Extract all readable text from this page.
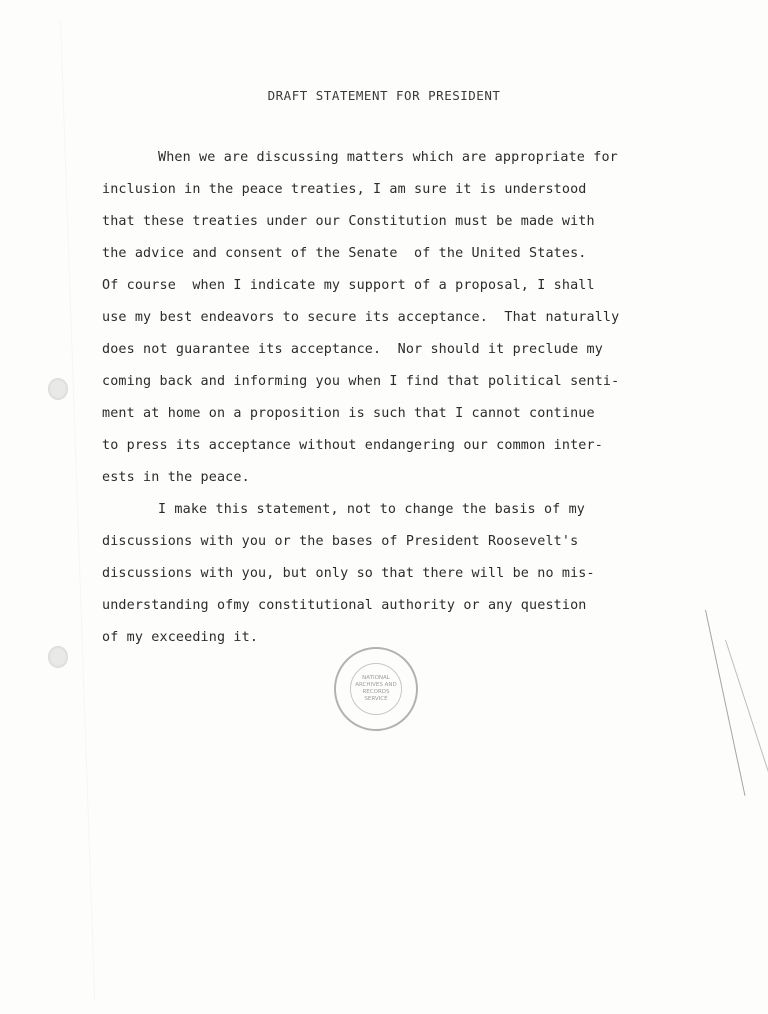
DRAFT STATEMENT FOR PRESIDENT
When we are discussing matters which are appropriate for
inclusion in the peace treaties, I am sure it is understood
that these treaties under our Constitution must be made with
the advice and consent of the Senate  of the United States.
Of course  when I indicate my support of a proposal, I shall
use my best endeavors to secure its acceptance.  That naturally
does not guarantee its acceptance.  Nor should it preclude my
coming back and informing you when I find that political senti-
ment at home on a proposition is such that I cannot continue
to press its acceptance without endangering our common inter-
ests in the peace.
I make this statement, not to change the basis of my
discussions with you or the bases of President Roosevelt's
discussions with you, but only so that there will be no mis-
understanding ofmy constitutional authority or any question
of my exceeding it.
NATIONAL
ARCHIVES AND
RECORDS
SERVICE
